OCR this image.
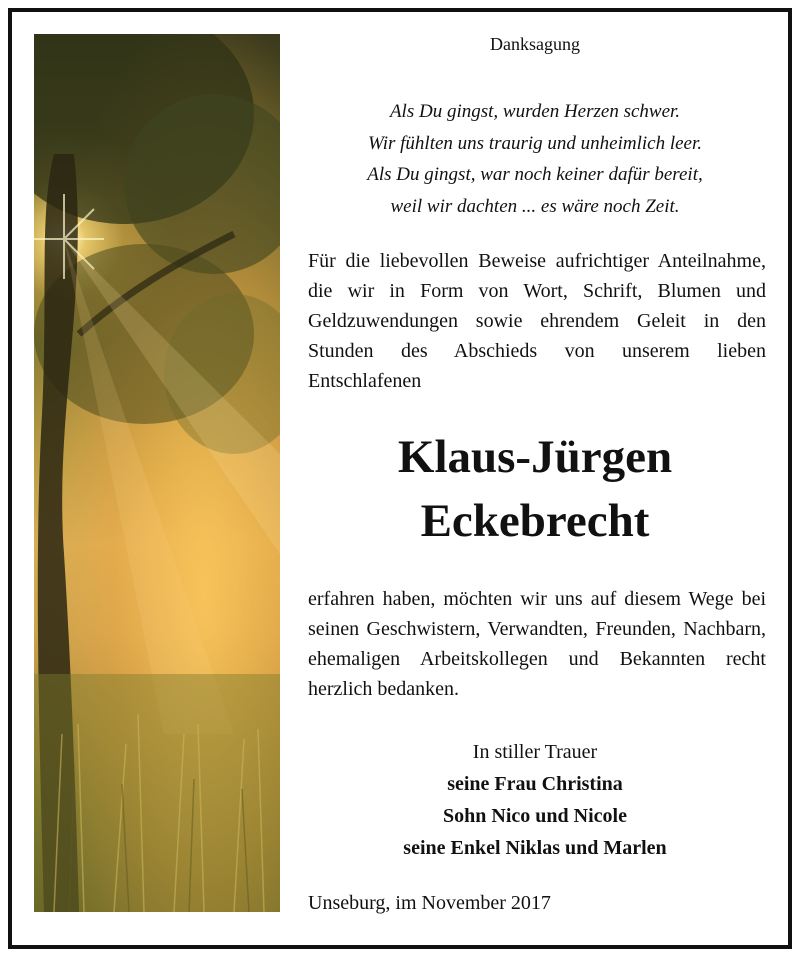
Danksagung
Als Du gingst, wurden Herzen schwer.
Wir fühlten uns traurig und unheimlich leer.
Als Du gingst, war noch keiner dafür bereit,
weil wir dachten ... es wäre noch Zeit.
Für die liebevollen Beweise aufrichtiger Anteilnahme, die wir in Form von Wort, Schrift, Blumen und Geldzuwendungen sowie ehrendem Geleit in den Stunden des Abschieds von unserem lieben Entschlafenen
Klaus-Jürgen
Eckebrecht
erfahren haben, möchten wir uns auf diesem Wege bei seinen Geschwistern, Verwandten, Freunden, Nachbarn, ehemaligen Arbeitskollegen und Bekannten recht herzlich bedanken.
In stiller Trauer
seine Frau Christina
Sohn Nico und Nicole
seine Enkel Niklas und Marlen
Unseburg, im November 2017
